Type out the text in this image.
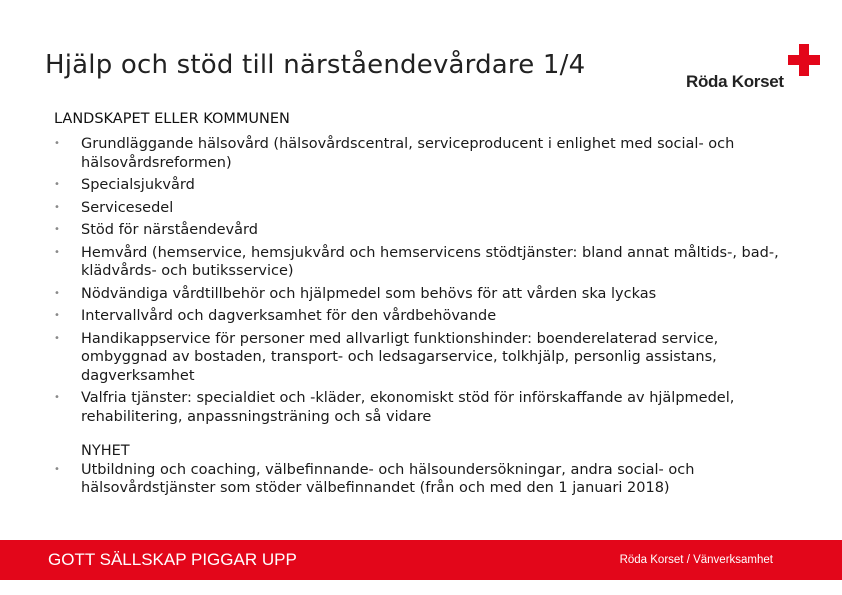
Hjälp och stöd till närståendevårdare 1/4
Röda Korset
LANDSKAPET ELLER KOMMUNEN
• Grundläggande hälsovård (hälsovårdscentral, serviceproducent i enlighet med social- och hälsovårdsreformen)
• Specialsjukvård
• Servicesedel
• Stöd för närståendevård
• Hemvård (hemservice, hemsjukvård och hemservicens stödtjänster: bland annat måltids-, bad-, klädvårds- och butiksservice)
• Nödvändiga vårdtillbehör och hjälpmedel som behövs för att vården ska lyckas
• Intervallvård och dagverksamhet för den vårdbehövande
• Handikappservice för personer med allvarligt funktionshinder: boenderelaterad service, ombyggnad av bostaden, transport- och ledsagarservice, tolkhjälp, personlig assistans, dagverksamhet
• Valfria tjänster: specialdiet och -kläder, ekonomiskt stöd för införskaffande av hjälpmedel, rehabilitering, anpassningsträning och så vidare
NYHET
• Utbildning och coaching, välbefinnande- och hälsoundersökningar, andra social- och hälsovårdstjänster som stöder välbefinnandet (från och med den 1 januari 2018)
GOTT SÄLLSKAP PIGGAR UPP	Röda Korset / Vänverksamhet
